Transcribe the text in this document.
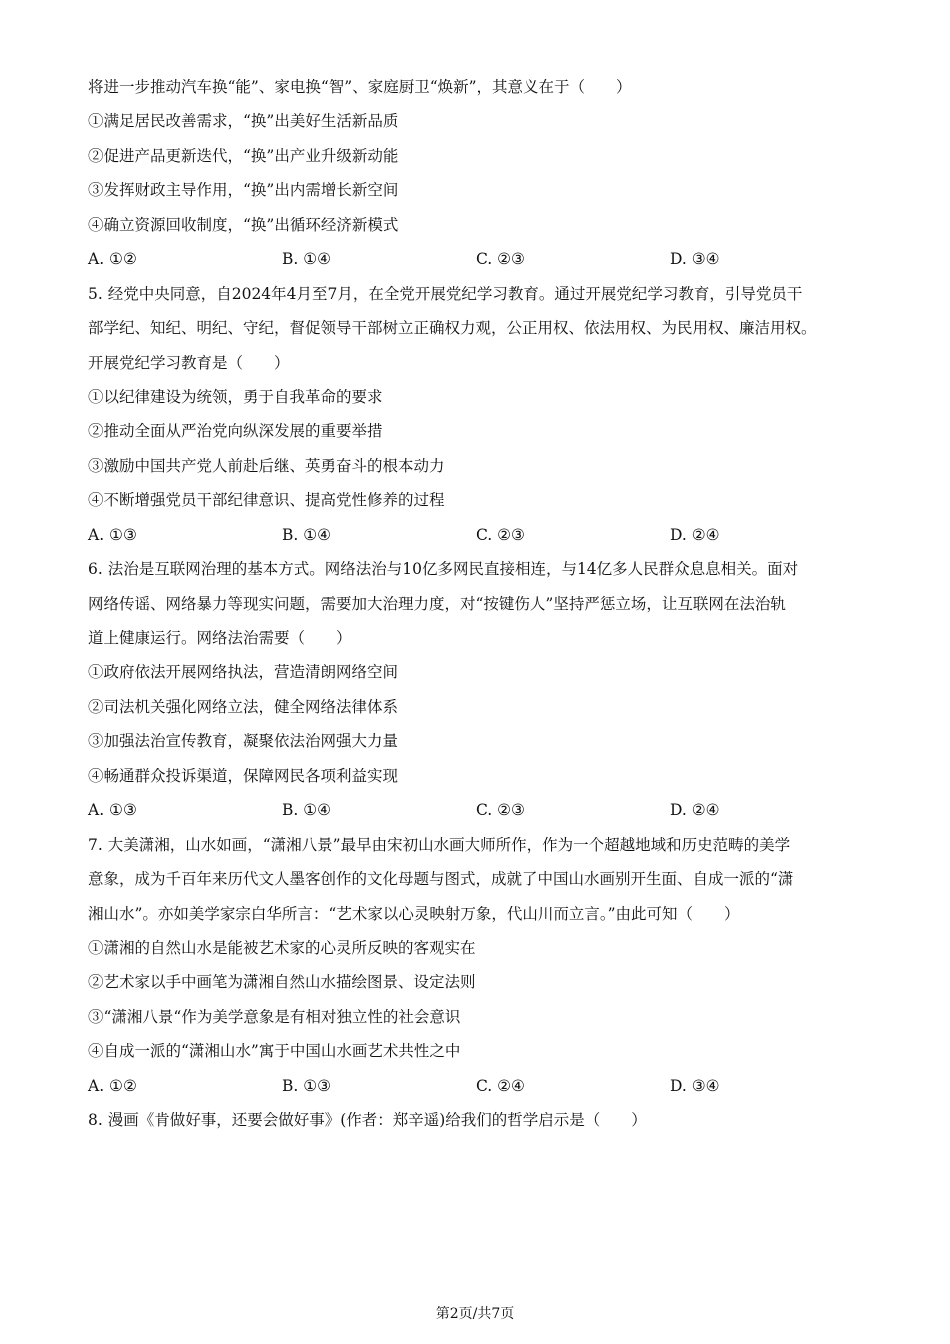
将进一步推动汽车换“能”、家电换“智”、家庭厨卫“焕新”，其意义在于（　　）
①满足居民改善需求，“换”出美好生活新品质
②促进产品更新迭代，“换”出产业升级新动能
③发挥财政主导作用，“换”出内需增长新空间
④确立资源回收制度，“换”出循环经济新模式
A. ①②	B. ①④	C. ②③	D. ③④
5. 经党中央同意，自2024年4月至7月，在全党开展党纪学习教育。通过开展党纪学习教育，引导党员干
部学纪、知纪、明纪、守纪，督促领导干部树立正确权力观，公正用权、依法用权、为民用权、廉洁用权。
开展党纪学习教育是（　　）
①以纪律建设为统领，勇于自我革命的要求
②推动全面从严治党向纵深发展的重要举措
③激励中国共产党人前赴后继、英勇奋斗的根本动力
④不断增强党员干部纪律意识、提高党性修养的过程
A. ①③	B. ①④	C. ②③	D. ②④
6. 法治是互联网治理的基本方式。网络法治与10亿多网民直接相连，与14亿多人民群众息息相关。面对
网络传谣、网络暴力等现实问题，需要加大治理力度，对“按键伤人”坚持严惩立场，让互联网在法治轨
道上健康运行。网络法治需要（　　）
①政府依法开展网络执法，营造清朗网络空间
②司法机关强化网络立法，健全网络法律体系
③加强法治宣传教育，凝聚依法治网强大力量
④畅通群众投诉渠道，保障网民各项利益实现
A. ①③	B. ①④	C. ②③	D. ②④
7. 大美潇湘，山水如画，“潇湘八景”最早由宋初山水画大师所作，作为一个超越地域和历史范畴的美学
意象，成为千百年来历代文人墨客创作的文化母题与图式，成就了中国山水画别开生面、自成一派的“潇
湘山水”。亦如美学家宗白华所言：“艺术家以心灵映射万象，代山川而立言。”由此可知（　　）
①潇湘的自然山水是能被艺术家的心灵所反映的客观实在
②艺术家以手中画笔为潇湘自然山水描绘图景、设定法则
③“潇湘八景“作为美学意象是有相对独立性的社会意识
④自成一派的“潇湘山水”寓于中国山水画艺术共性之中
A. ①②	B. ①③	C. ②④	D. ③④
8. 漫画《肯做好事，还要会做好事》(作者：郑辛遥)给我们的哲学启示是（　　）
第2页/共7页
